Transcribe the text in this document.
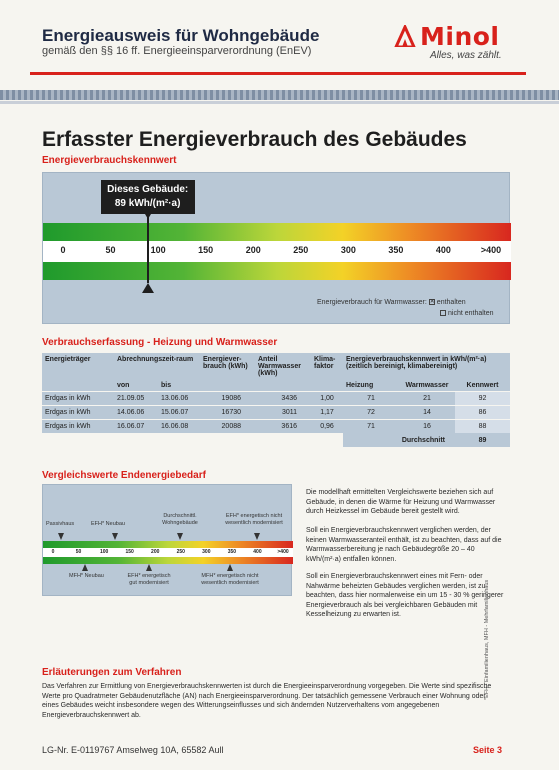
Energieausweis für Wohngebäude
gemäß den §§ 16 ff. Energieeinsparverordnung (EnEV)	Minol
Alles, was zählt.
Erfasster Energieverbrauch des Gebäudes
Energieverbrauchskennwert
Dieses Gebäude:
89 kWh/(m²·a)
0	50	100	150	200	250	300	350	400	>400
Energieverbrauch für Warmwasser: ✕ enthalten
nicht enthalten
Verbrauchserfassung - Heizung und Warmwasser
Energieträger	Abrechnungszeit-raum		Energiever-brauch (kWh)	Anteil Warmwasser (kWh)	Klima-faktor	Energieverbrauchskennwert in kWh/(m²·a) (zeitlich bereinigt, klimabereinigt)		
	von	bis				Heizung	Warmwasser	Kennwert
Erdgas in kWh	21.09.05	13.06.06	19086	3436	1,00	71	21	92
Erdgas in kWh	14.06.06	15.06.07	16730	3011	1,17	72	14	86
Erdgas in kWh	16.06.07	16.06.08	20088	3616	0,96	71	16	88
						Durchschnitt		89
Vergleichswerte Endenergiebedarf
Passivhaus	EFH* Neubau
Durchschnittl. Wohngebäude
EFH* energetisch nicht wesentlich modernisiert
0	50	100	150	200	250	300	350	400	>400
MFH* Neubau	EFH* energetisch gut modernisiert
MFH* energetisch nicht wesentlich modernisiert
Die modellhaft ermittelten Vergleichswerte beziehen sich auf Gebäude, in denen die Wärme für Heizung und Warmwasser durch Heizkessel im Gebäude bereit gestellt wird.
Soll ein Energieverbrauchskennwert verglichen werden, der keinen Warmwasseranteil enthält, ist zu beachten, dass auf die Warmwasserbereitung je nach Gebäudegröße 20 – 40 kWh/(m²·a) entfallen können.
Soll ein Energieverbrauchskennwert eines mit Fern- oder Nahwärme beheizten Gebäudes verglichen werden, ist zu beachten, dass hier normalerweise ein um 15 - 30 % geringerer Energieverbrauch als bei vergleichbaren Gebäuden mit Kesselheizung zu erwarten ist.	*EFH - Einfamilienhaus, MFH - Mehrfamilienhaus
Erläuterungen zum Verfahren
Das Verfahren zur Ermittlung von Energieverbrauchskennwerten ist durch die Energieeinsparverordnung vorgegeben. Die Werte sind spezifische Werte pro Quadratmeter Gebäudenutzfläche (AN) nach Energieeinsparverordnung. Der tatsächlich gemessene Verbrauch einer Wohnung oder eines Gebäudes weicht insbesondere wegen des Witterungseinflusses und sich ändernden Nutzerverhaltens vom angegebenen Energieverbrauchskennwert ab.
LG-Nr. E-0119767 Amselweg 10A, 65582 Aull	Seite 3
